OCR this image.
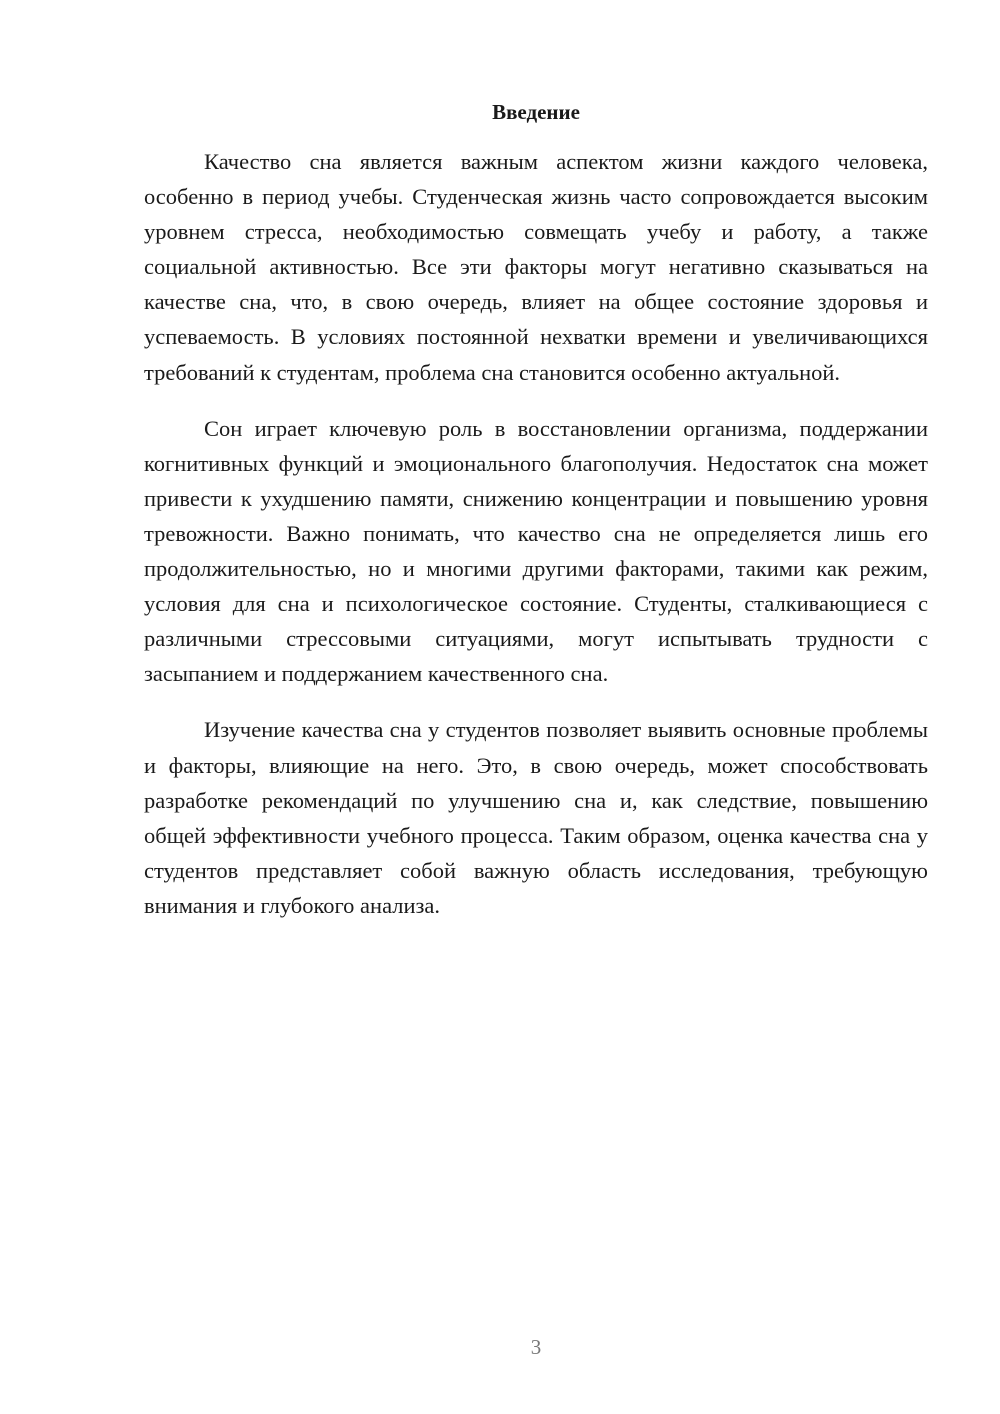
Введение

Качество сна является важным аспектом жизни каждого человека, особенно в период учебы. Студенческая жизнь часто сопровождается высоким уровнем стресса, необходимостью совмещать учебу и работу, а также социальной активностью. Все эти факторы могут негативно сказываться на качестве сна, что, в свою очередь, влияет на общее состояние здоровья и успеваемость. В условиях постоянной нехватки времени и увеличивающихся требований к студентам, проблема сна становится особенно актуальной.

Сон играет ключевую роль в восстановлении организма, поддержании когнитивных функций и эмоционального благополучия. Недостаток сна может привести к ухудшению памяти, снижению концентрации и повышению уровня тревожности. Важно понимать, что качество сна не определяется лишь его продолжительностью, но и многими другими факторами, такими как режим, условия для сна и психологическое состояние. Студенты, сталкивающиеся с различными стрессовыми ситуациями, могут испытывать трудности с засыпанием и поддержанием качественного сна.

Изучение качества сна у студентов позволяет выявить основные проблемы и факторы, влияющие на него. Это, в свою очередь, может способствовать разработке рекомендаций по улучшению сна и, как следствие, повышению общей эффективности учебного процесса. Таким образом, оценка качества сна у студентов представляет собой важную область исследования, требующую внимания и глубокого анализа.

3
